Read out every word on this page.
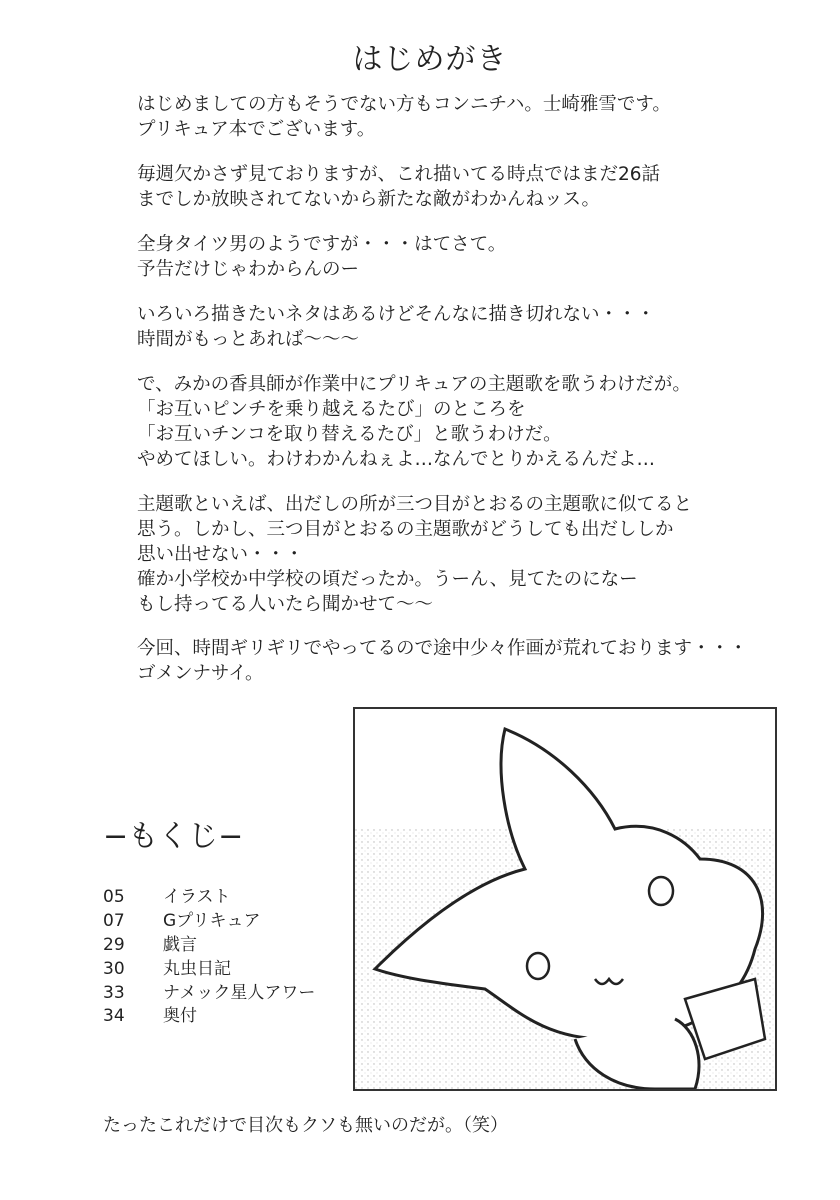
はじめがき
はじめましての方もそうでない方もコンニチハ。士崎雅雪です。
プリキュア本でございます。
毎週欠かさず見ておりますが、これ描いてる時点ではまだ26話
までしか放映されてないから新たな敵がわかんねッス。
全身タイツ男のようですが・・・はてさて。
予告だけじゃわからんのー
いろいろ描きたいネタはあるけどそんなに描き切れない・・・
時間がもっとあれば～～～
で、みかの香具師が作業中にプリキュアの主題歌を歌うわけだが。
「お互いピンチを乗り越えるたび」のところを
「お互いチンコを取り替えるたび」と歌うわけだ。
やめてほしい。わけわかんねぇよ…なんでとりかえるんだよ…
主題歌といえば、出だしの所が三つ目がとおるの主題歌に似てると
思う。しかし、三つ目がとおるの主題歌がどうしても出だししか
思い出せない・・・
確か小学校か中学校の頃だったか。うーん、見てたのになー
もし持ってる人いたら聞かせて～～
今回、時間ギリギリでやってるので途中少々作画が荒れております・・・
ゴメンナサイ。
−もくじ−
05	イラスト
07	Gプリキュア
29	戯言
30	丸虫日記
33	ナメック星人アワー
34	奥付
たったこれだけで目次もクソも無いのだが。（笑）
